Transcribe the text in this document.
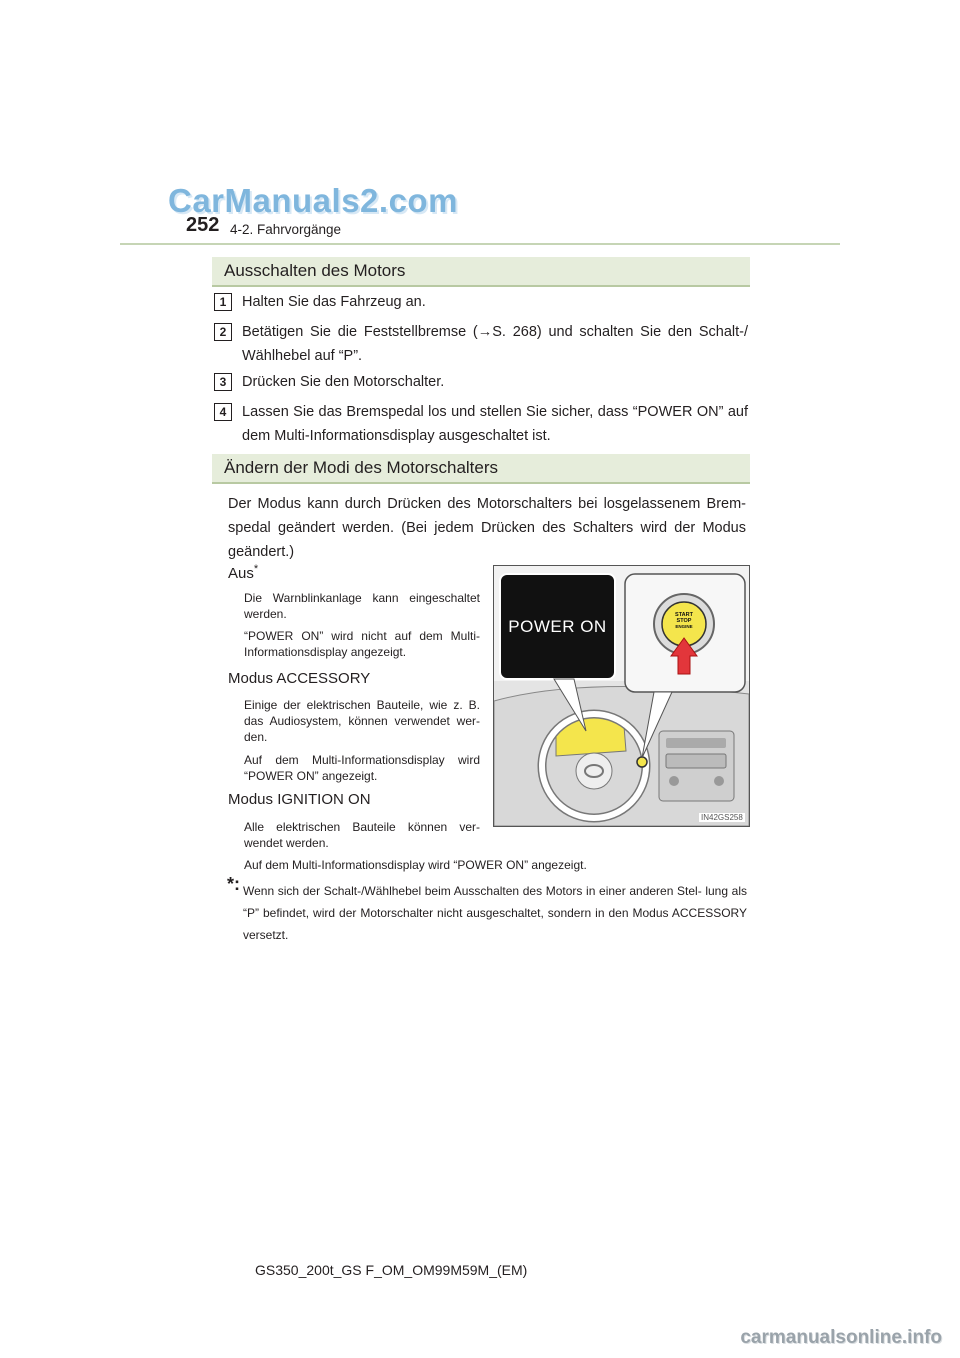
CarManuals2.com
252 4-2. Fahrvorgänge
Ausschalten des Motors
1	Halten Sie das Fahrzeug an.
2	Betätigen Sie die Feststellbremse (→S. 268) und schalten Sie den Schalt-/ Wählhebel auf “P”.
3	Drücken Sie den Motorschalter.
4	Lassen Sie das Bremspedal los und stellen Sie sicher, dass “POWER ON” auf dem Multi-Informationsdisplay ausgeschaltet ist.
Ändern der Modi des Motorschalters
Der Modus kann durch Drücken des Motorschalters bei losgelassenem Brem- spedal geändert werden. (Bei jedem Drücken des Schalters wird der Modus geändert.)
Aus*
Die Warnblinkanlage kann eingeschaltet werden.
“POWER ON” wird nicht auf dem Multi- Informationsdisplay angezeigt.
Modus ACCESSORY
Einige der elektrischen Bauteile, wie z. B. das Audiosystem, können verwendet wer- den.
Auf dem Multi-Informationsdisplay wird “POWER ON” angezeigt.
Modus IGNITION ON
Alle elektrischen Bauteile können ver- wendet werden.
Auf dem Multi-Informationsdisplay wird “POWER ON” angezeigt.
*: Wenn sich der Schalt-/Wählhebel beim Ausschalten des Motors in einer anderen Stel- lung als “P” befindet, wird der Motorschalter nicht ausgeschaltet, sondern in den Modus ACCESSORY versetzt.
POWER ON
START
STOP
ENGINE
IN42GS258
GS350_200t_GS F_OM_OM99M59M_(EM)
carmanualsonline.info
